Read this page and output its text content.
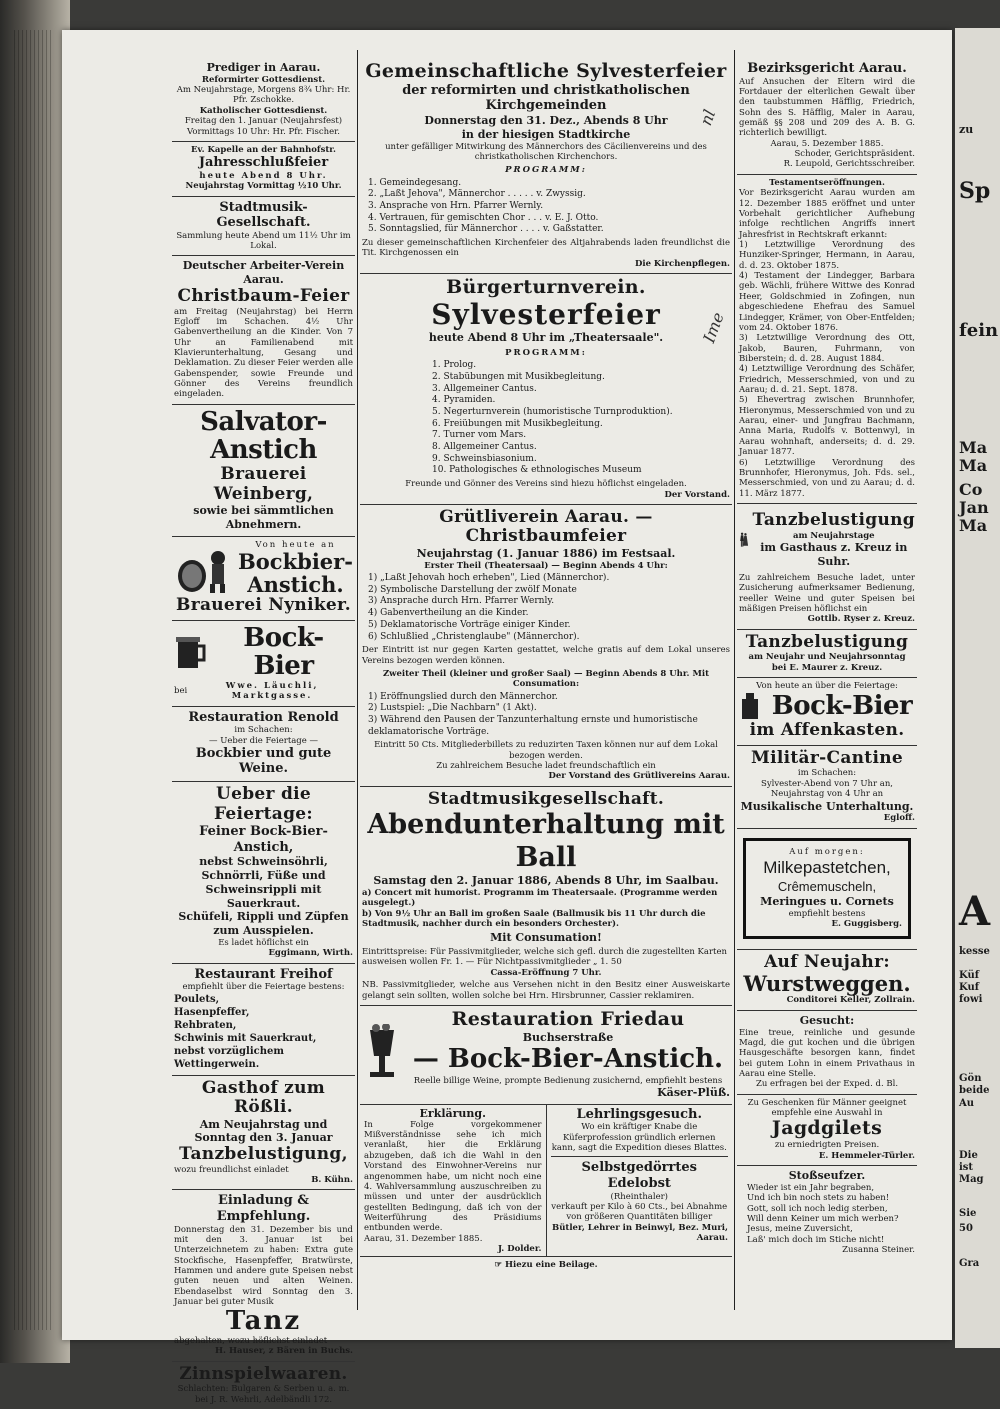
zu
Sp
fein
Ma
Ma
Co
Jan
Ma
A
kesse
Küf
Kuf
fowi
Gön
beide
Au
Die
ist
Mag
Sie
50
Gra
Prediger in Aarau.
Reformirter Gottesdienst.
Am Neujahrstage, Morgens 8¾ Uhr: Hr. Pfr. Zschokke.
Katholischer Gottesdienst.
Freitag den 1. Januar (Neujahrsfest) Vormittags 10 Uhr: Hr. Pfr. Fischer.
Ev. Kapelle an der Bahnhofstr.
Jahresschlußfeier
heute Abend 8 Uhr.
Neujahrstag Vormittag ½10 Uhr.
Stadtmusik-Gesellschaft.
Sammlung heute Abend um 11½ Uhr im Lokal.
Deutscher Arbeiter-Verein Aarau.
Christbaum-Feier
am Freitag (Neujahrstag) bei Herrn Egloff im Schachen. 4½ Uhr Gabenvertheilung an die Kinder. Von 7 Uhr an Familienabend mit Klavierunterhaltung, Gesang und Deklamation. Zu dieser Feier werden alle Gabenspender, sowie Freunde und Gönner des Vereins freundlich eingeladen.
Salvator-Anstich
Brauerei Weinberg,
sowie bei sämmtlichen Abnehmern.
Von heute an
Bockbier-Anstich.
Brauerei Nyniker.
Bock-Bier
bei
Wwe. Läuchli, Marktgasse.
Restauration Renold
im Schachen:
— Ueber die Feiertage —
Bockbier und gute Weine.
Ueber die Feiertage:
Feiner Bock-Bier-Anstich,
nebst Schweinsöhrli, Schnörrli, Füße und Schweinsrippli mit Sauerkraut.
Schüfeli, Rippli und Züpfen zum Ausspielen.
Es ladet höflichst ein
Eggimann, Wirth.
Restaurant Freihof
empfiehlt über die Feiertage bestens:
Poulets,
Hasenpfeffer,
Rehbraten,
Schwinis mit Sauerkraut,
nebst vorzüglichem Wettingerwein.
Gasthof zum Rößli.
Am Neujahrstag und Sonntag den 3. Januar
Tanzbelustigung,
wozu freundlichst einladet
B. Kühn.
Einladung & Empfehlung.
Donnerstag den 31. Dezember bis und mit den 3. Januar ist bei Unterzeichnetem zu haben: Extra gute Stockfische, Hasenpfeffer, Bratwürste, Hammen und andere gute Speisen nebst guten neuen und alten Weinen. Ebendaselbst wird Sonntag den 3. Januar bei guter Musik
Tanz
abgehalten, wozu höflichst einladet
H. Hauser, z Bären in Buchs.
Zinnspielwaaren.
Schlachten: Bulgaren & Serben u. a. m. bei J. R. Wehrli, Adelbändli 172.
Gemeinschaftliche Sylvesterfeier
der reformirten und christkatholischen Kirchgemeinden
Donnerstag den 31. Dez., Abends 8 Uhr
in der hiesigen Stadtkirche
unter gefälliger Mitwirkung des Männerchors des Cäcilienvereins und des christkatholischen Kirchenchors.
PROGRAMM:
1. Gemeindegesang.
2. „Laßt Jehova", Männerchor . . . . . v. Zwyssig.
3. Ansprache von Hrn. Pfarrer Wernly.
4. Vertrauen, für gemischten Chor . . . v. E. J. Otto.
5. Sonntagslied, für Männerchor . . . . v. Gaßstatter.
Zu dieser gemeinschaftlichen Kirchenfeier des Altjahrabends laden freundlichst die Tit. Kirchgenossen ein
Die Kirchenpflegen.
Bürgerturnverein.
Sylvesterfeier
heute Abend 8 Uhr im „Theatersaale".
PROGRAMM:
1. Prolog.
2. Stabübungen mit Musikbegleitung.
3. Allgemeiner Cantus.
4. Pyramiden.
5. Negerturnverein (humoristische Turnproduktion).
6. Freiübungen mit Musikbegleitung.
7. Turner vom Mars.
8. Allgemeiner Cantus.
9. Schweinsbiasonium.
10. Pathologisches & ethnologisches Museum
Freunde und Gönner des Vereins sind hiezu höflichst eingeladen.
Der Vorstand.
Grütliverein Aarau. — Christbaumfeier
Neujahrstag (1. Januar 1886) im Festsaal.
Erster Theil (Theatersaal) — Beginn Abends 4 Uhr:
1) „Laßt Jehovah hoch erheben", Lied (Männerchor).
2) Symbolische Darstellung der zwölf Monate
3) Ansprache durch Hrn. Pfarrer Wernly.
4) Gabenvertheilung an die Kinder.
5) Deklamatorische Vorträge einiger Kinder.
6) Schlußlied „Christenglaube" (Männerchor).
Der Eintritt ist nur gegen Karten gestattet, welche gratis auf dem Lokal unseres Vereins bezogen werden können.
Zweiter Theil (kleiner und großer Saal) — Beginn Abends 8 Uhr. Mit Consumation:
1) Eröffnungslied durch den Männerchor.
2) Lustspiel: „Die Nachbarn" (1 Akt).
3) Während den Pausen der Tanzunterhaltung ernste und humoristische deklamatorische Vorträge.
Eintritt 50 Cts. Mitgliederbillets zu reduzirten Taxen können nur auf dem Lokal bezogen werden.
Zu zahlreichem Besuche ladet freundschaftlich ein
Der Vorstand des Grütlivereins Aarau.
Stadtmusikgesellschaft.
Abendunterhaltung mit Ball
Samstag den 2. Januar 1886, Abends 8 Uhr, im Saalbau.
a) Concert mit humorist. Programm im Theatersaale. (Programme werden ausgelegt.)
b) Von 9½ Uhr an Ball im großen Saale (Ballmusik bis 11 Uhr durch die Stadtmusik, nachher durch ein besonders Orchester).
Mit Consumation!
Eintrittspreise: Für Passivmitglieder, welche sich gefl. durch die zugestellten Karten ausweisen wollen Fr. 1. — Für Nichtpassivmitglieder „ 1. 50
Cassa-Eröffnung 7 Uhr.
NB. Passivmitglieder, welche aus Versehen nicht in den Besitz einer Ausweiskarte gelangt sein sollten, wollen solche bei Hrn. Hirsbrunner, Cassier reklamiren.
Restauration Friedau
Buchserstraße
— Bock-Bier-Anstich.
Reelle billige Weine, prompte Bedienung zusichernd, empfiehlt bestens
Käser-Plüß.
Erklärung.
In Folge vorgekommener Mißverständnisse sehe ich mich veranlaßt, hier die Erklärung abzugeben, daß ich die Wahl in den Vorstand des Einwohner-Vereins nur angenommen habe, um nicht noch eine 4. Wahlversammlung auszuschreiben zu müssen und unter der ausdrücklich gestellten Bedingung, daß ich von der Weiterführung des Präsidiums entbunden werde.
Aarau, 31. Dezember 1885.
J. Dolder.
Lehrlingsgesuch.
Wo ein kräftiger Knabe die Küferprofession gründlich erlernen kann, sagt die Expedition dieses Blattes.
Selbstgedörrtes Edelobst
(Rheinthaler)
verkauft per Kilo à 60 Cts., bei Abnahme von größeren Quantitäten billiger
Bütler, Lehrer in Beinwyl, Bez. Muri, Aarau.
☞ Hiezu eine Beilage.
Bezirksgericht Aarau.
Auf Ansuchen der Eltern wird die Fortdauer der elterlichen Gewalt über den taubstummen Häfflig, Friedrich, Sohn des S. Häfflig, Maler in Aarau, gemäß §§ 208 und 209 des A. B. G. richterlich bewilligt.
Aarau, 5. Dezember 1885.
Schoder, Gerichtspräsident.
R. Leupold, Gerichtsschreiber.
Testamentseröffnungen.
Vor Bezirksgericht Aarau wurden am 12. Dezember 1885 eröffnet und unter Vorbehalt gerichtlicher Aufhebung infolge rechtlichen Angriffs innert Jahresfrist in Rechtskraft erkannt:
1) Letztwillige Verordnung des Hunziker-Springer, Hermann, in Aarau, d. d. 23. Oktober 1875.
4) Testament der Lindegger, Barbara geb. Wächli, frühere Wittwe des Konrad Heer, Goldschmied in Zofingen, nun abgeschiedene Ehefrau des Samuel Lindegger, Krämer, von Ober-Entfelden; vom 24. Oktober 1876.
3) Letztwillige Verordnung des Ott, Jakob, Bauren, Fuhrmann, von Biberstein; d. d. 28. August 1884.
4) Letztwillige Verordnung des Schäfer, Friedrich, Messerschmied, von und zu Aarau; d. d. 21. Sept. 1878.
5) Ehevertrag zwischen Brunnhofer, Hieronymus, Messerschmied von und zu Aarau, einer- und Jungfrau Bachmann, Anna Maria, Rudolfs v. Bottenwyl, in Aarau wohnhaft, anderseits; d. d. 29. Januar 1877.
6) Letztwillige Verordnung des Brunnhofer, Hieronymus, Joh. Fds. sel., Messerschmied, von und zu Aarau; d. d. 11. März 1877.
Tanzbelustigung
am Neujahrstage
im Gasthaus z. Kreuz in Suhr.
Zu zahlreichem Besuche ladet, unter Zusicherung aufmerksamer Bedienung, reeller Weine und guter Speisen bei mäßigen Preisen höflichst ein
Gottlb. Ryser z. Kreuz.
Tanzbelustigung
am Neujahr und Neujahrsonntag
bei E. Maurer z. Kreuz.
Von heute an über die Feiertage:
Bock-Bier
im Affenkasten.
Militär-Cantine
im Schachen:
Sylvester-Abend von 7 Uhr an,
Neujahrstag von 4 Uhr an
Musikalische Unterhaltung.
Egloff.
Auf morgen:
Milkepastetchen,
Crêmemuscheln,
Meringues u. Cornets
empfiehlt bestens
E. Guggisberg.
Auf Neujahr:
Wurstweggen.
Conditorei Keller, Zollrain.
Gesucht:
Eine treue, reinliche und gesunde Magd, die gut kochen und die übrigen Hausgeschäfte besorgen kann, findet bei gutem Lohn in einem Privathaus in Aarau eine Stelle.
Zu erfragen bei der Exped. d. Bl.
Zu Geschenken für Männer geeignet empfehle eine Auswahl in
Jagdgilets
zu erniedrigten Preisen.
E. Hemmeler-Türler.
Stoßseufzer.
Wieder ist ein Jahr begraben,
Und ich bin noch stets zu haben!
Gott, soll ich noch ledig sterben,
Will denn Keiner um mich werben?
Jesus, meine Zuversicht,
Laß' mich doch im Stiche nicht!
Zusanna Steiner.
nl
Ime
